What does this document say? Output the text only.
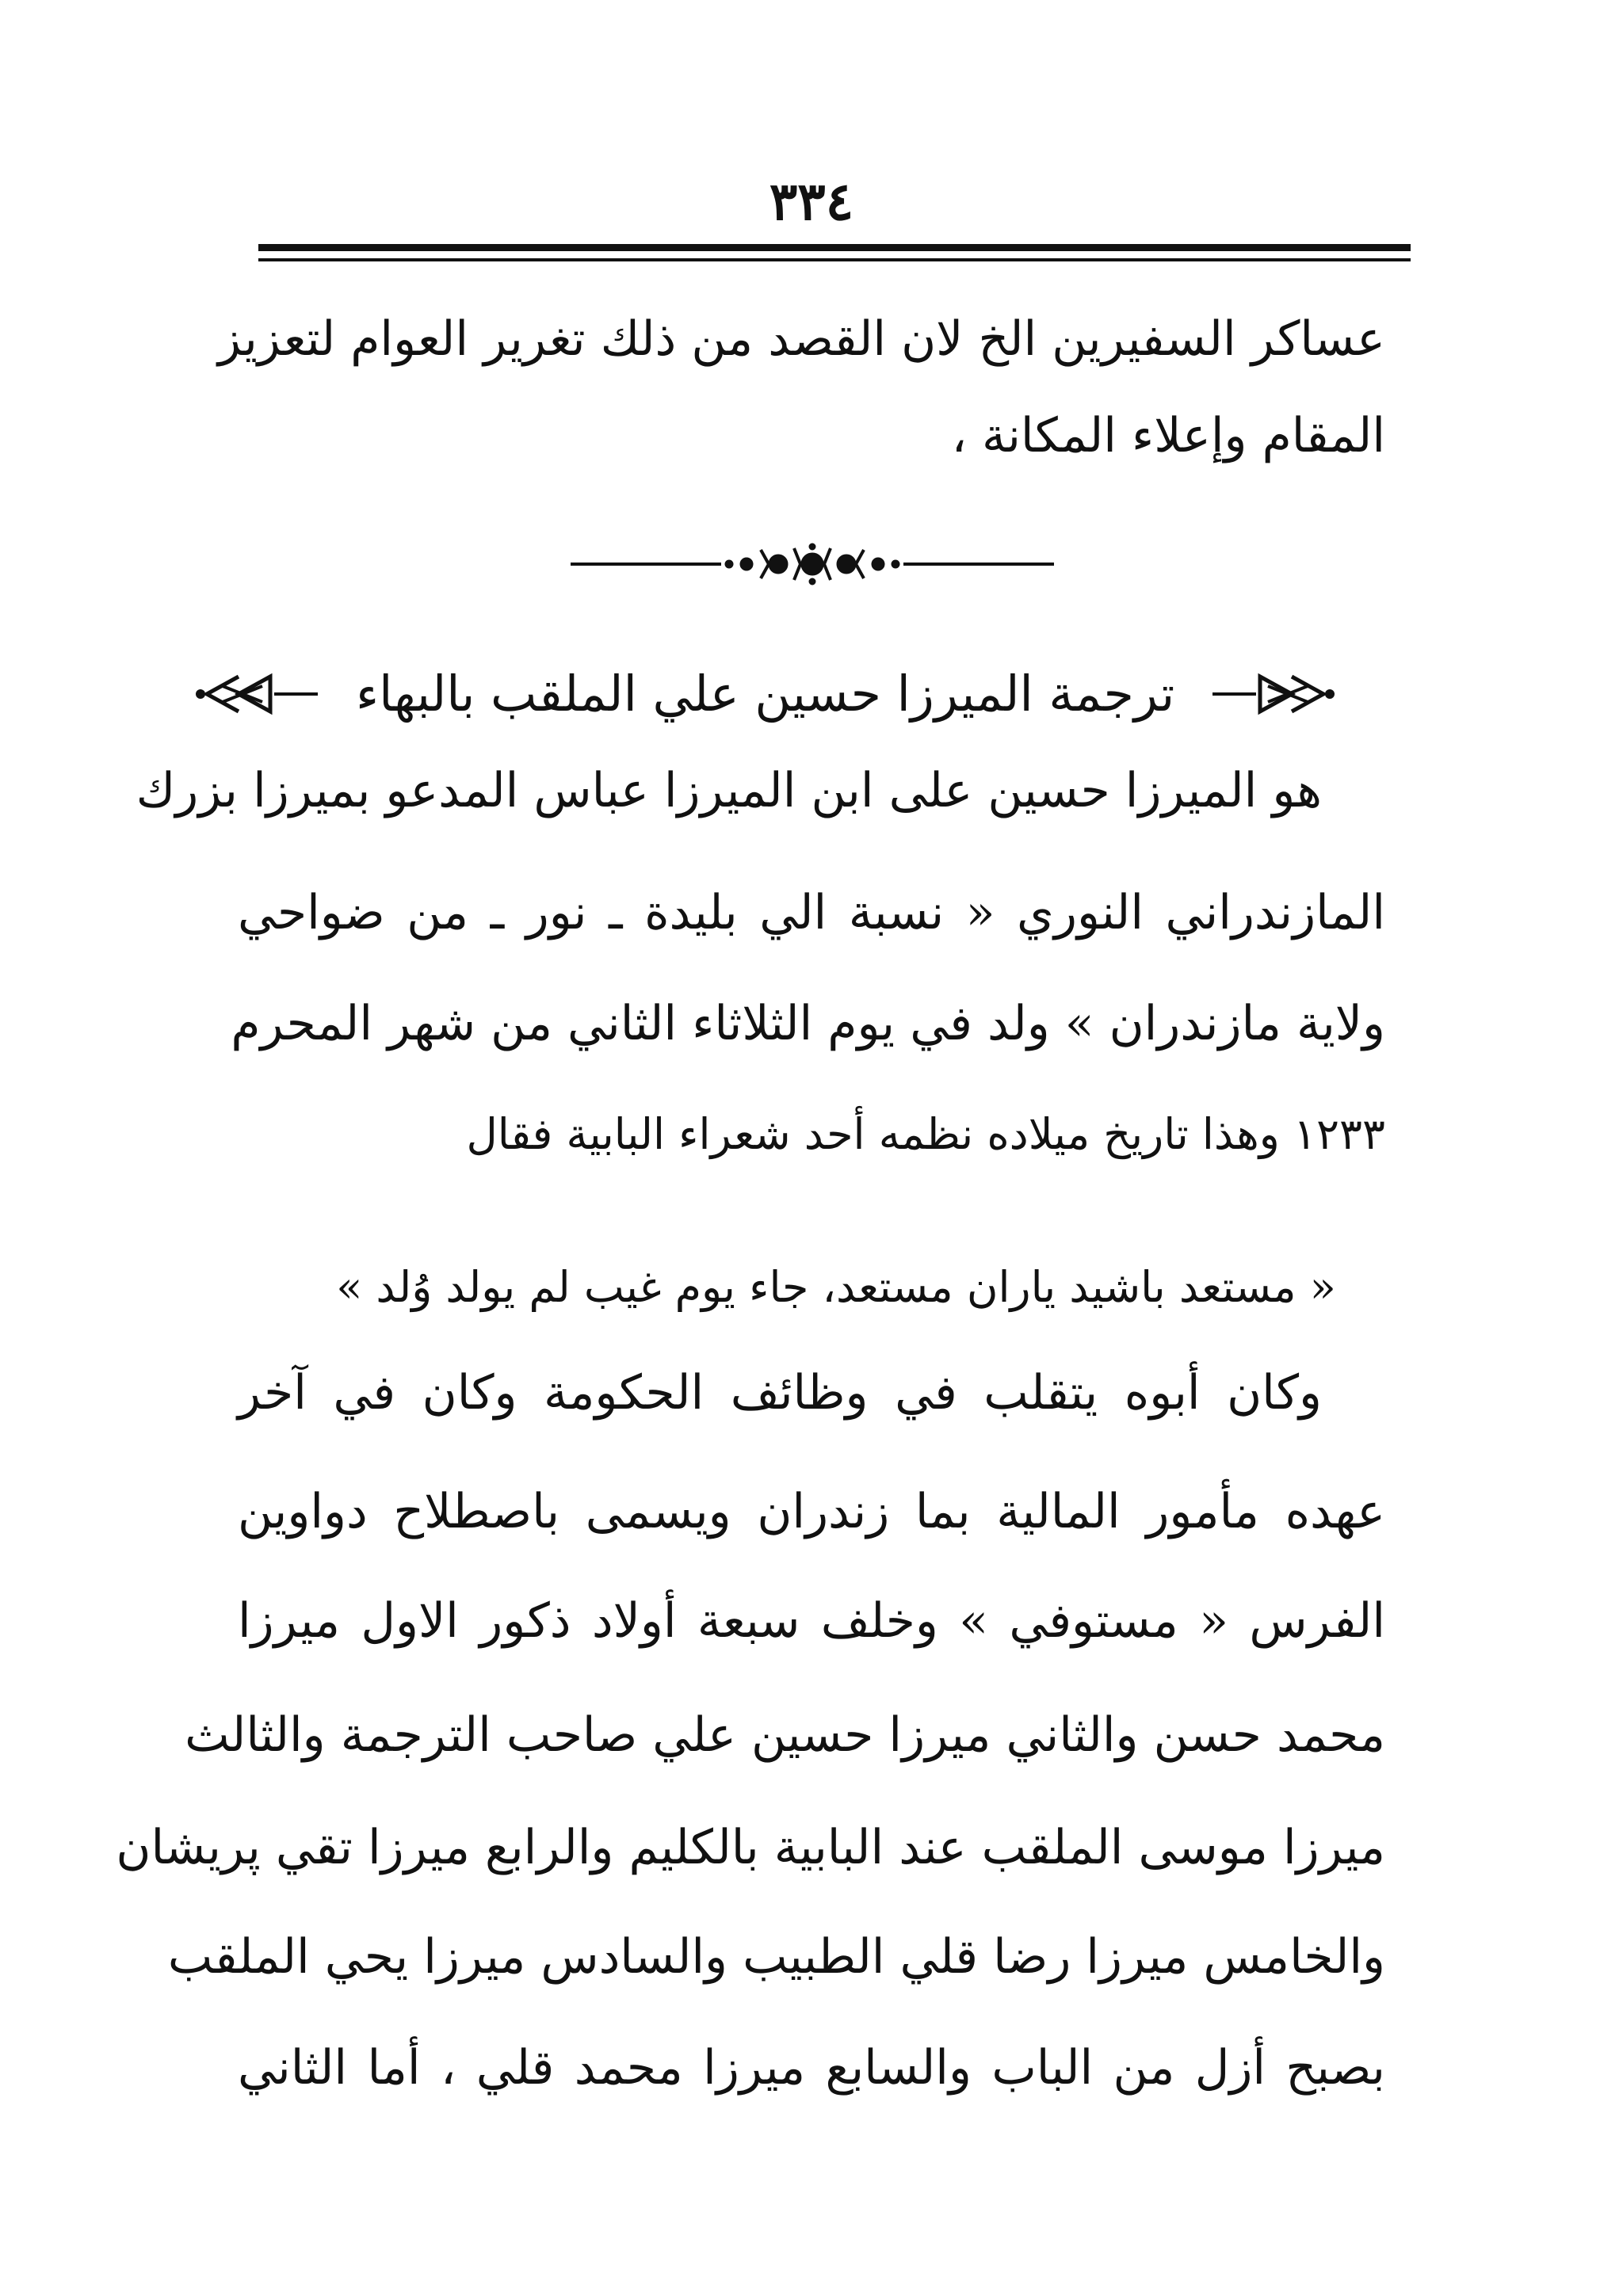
٣٣٤
عساكر السفيرين الخ لان القصد من ذلك تغرير العوام لتعزيز
المقام وإعلاء المكانة ،
ترجمة الميرزا حسين علي الملقب بالبهاء
هو الميرزا حسين على ابن الميرزا عباس المدعو بميرزا بزرك
المازندراني النوري « نسبة الي بليدة ـ نور ـ من ضواحي
ولاية مازندران » ولد في يوم الثلاثاء الثاني من شهر المحرم
١٢٣٣ وهذا تاريخ ميلاده نظمه أحد شعراء البابية فقال
« مستعد باشيد ياران مستعد، جاء يوم غيب لم يولد وُلد »
وكان أبوه يتقلب في وظائف الحكومة وكان في آخر
عهده مأمور المالية بما زندران ويسمى باصطلاح دواوين
الفرس « مستوفي » وخلف سبعة أولاد ذكور الاول ميرزا
محمد حسن والثاني ميرزا حسين علي صاحب الترجمة والثالث
ميرزا موسى الملقب عند البابية بالكليم والرابع ميرزا تقي پريشان
والخامس ميرزا رضا قلي الطبيب والسادس ميرزا يحي الملقب
بصبح أزل من الباب والسابع ميرزا محمد قلي ، أما الثاني
